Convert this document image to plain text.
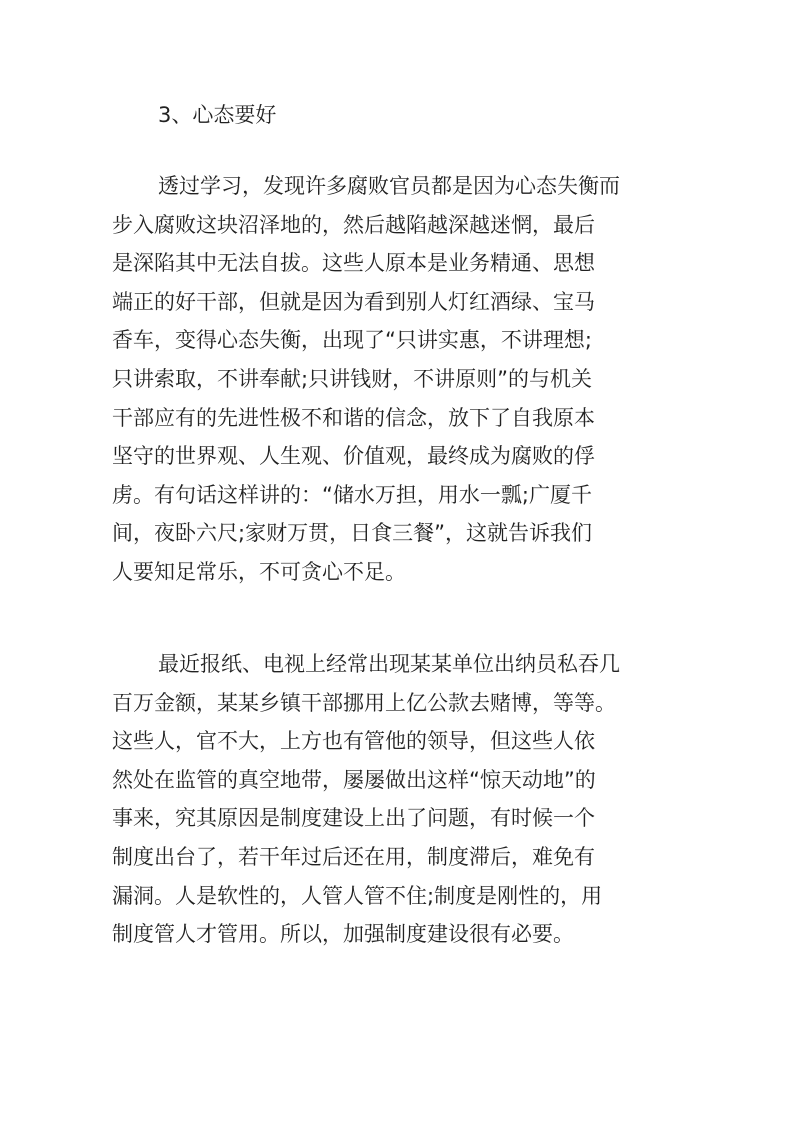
3、心态要好
透过学习，发现许多腐败官员都是因为心态失衡而
步入腐败这块沼泽地的，然后越陷越深越迷惘，最后
是深陷其中无法自拔。这些人原本是业务精通、思想
端正的好干部，但就是因为看到别人灯红酒绿、宝马
香车，变得心态失衡，出现了“只讲实惠，不讲理想;
只讲索取，不讲奉献;只讲钱财，不讲原则”的与机关
干部应有的先进性极不和谐的信念，放下了自我原本
坚守的世界观、人生观、价值观，最终成为腐败的俘
虏。有句话这样讲的：“储水万担，用水一瓢;广厦千
间，夜卧六尺;家财万贯，日食三餐”，这就告诉我们
人要知足常乐，不可贪心不足。
最近报纸、电视上经常出现某某单位出纳员私吞几
百万金额，某某乡镇干部挪用上亿公款去赌博，等等。
这些人，官不大，上方也有管他的领导，但这些人依
然处在监管的真空地带，屡屡做出这样“惊天动地”的
事来，究其原因是制度建设上出了问题，有时候一个
制度出台了，若干年过后还在用，制度滞后，难免有
漏洞。人是软性的，人管人管不住;制度是刚性的，用
制度管人才管用。所以，加强制度建设很有必要。
